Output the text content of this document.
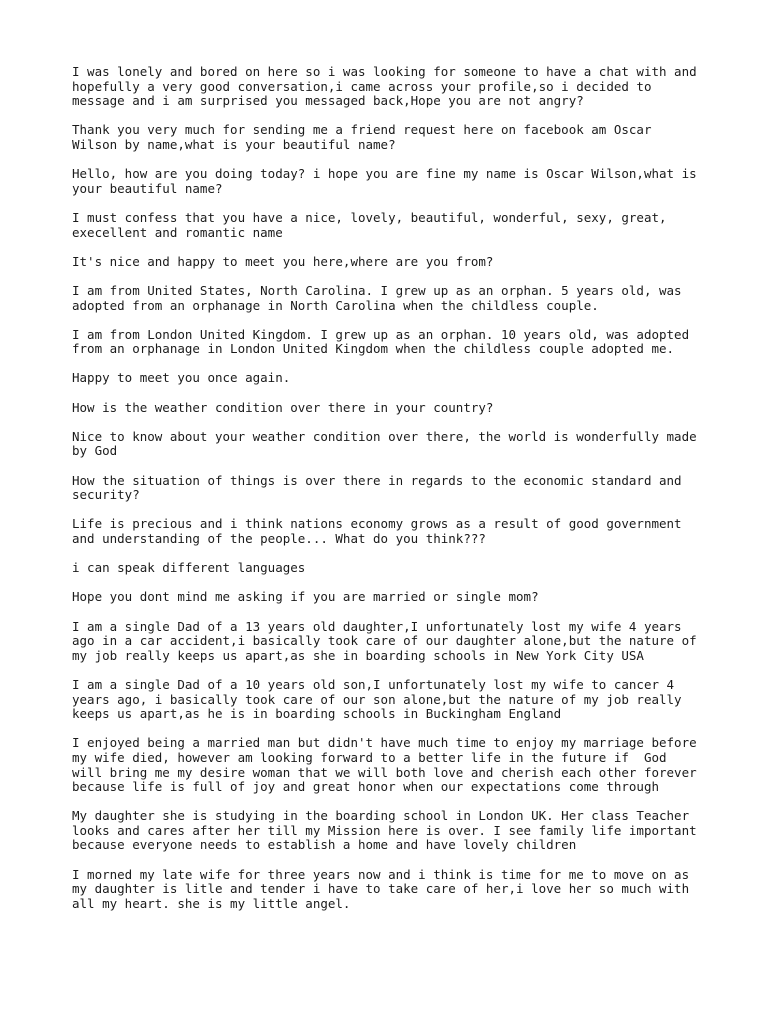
I was lonely and bored on here so i was looking for someone to have a chat with and
hopefully a very good conversation,i came across your profile,so i decided to
message and i am surprised you messaged back,Hope you are not angry?
Thank you very much for sending me a friend request here on facebook am Oscar
Wilson by name,what is your beautiful name?
Hello, how are you doing today? i hope you are fine my name is Oscar Wilson,what is
your beautiful name?
I must confess that you have a nice, lovely, beautiful, wonderful, sexy, great,
execellent and romantic name
It's nice and happy to meet you here,where are you from?
I am from United States, North Carolina. I grew up as an orphan. 5 years old, was
adopted from an orphanage in North Carolina when the childless couple.
I am from London United Kingdom. I grew up as an orphan. 10 years old, was adopted
from an orphanage in London United Kingdom when the childless couple adopted me.
Happy to meet you once again.
How is the weather condition over there in your country?
Nice to know about your weather condition over there, the world is wonderfully made
by God
How the situation of things is over there in regards to the economic standard and
security?
Life is precious and i think nations economy grows as a result of good government
and understanding of the people... What do you think???
i can speak different languages
Hope you dont mind me asking if you are married or single mom?
I am a single Dad of a 13 years old daughter,I unfortunately lost my wife 4 years
ago in a car accident,i basically took care of our daughter alone,but the nature of
my job really keeps us apart,as she in boarding schools in New York City USA
I am a single Dad of a 10 years old son,I unfortunately lost my wife to cancer 4
years ago, i basically took care of our son alone,but the nature of my job really
keeps us apart,as he is in boarding schools in Buckingham England
I enjoyed being a married man but didn't have much time to enjoy my marriage before
my wife died, however am looking forward to a better life in the future if  God
will bring me my desire woman that we will both love and cherish each other forever
because life is full of joy and great honor when our expectations come through
My daughter she is studying in the boarding school in London UK. Her class Teacher
looks and cares after her till my Mission here is over. I see family life important
because everyone needs to establish a home and have lovely children
I morned my late wife for three years now and i think is time for me to move on as
my daughter is litle and tender i have to take care of her,i love her so much with
all my heart. she is my little angel.
